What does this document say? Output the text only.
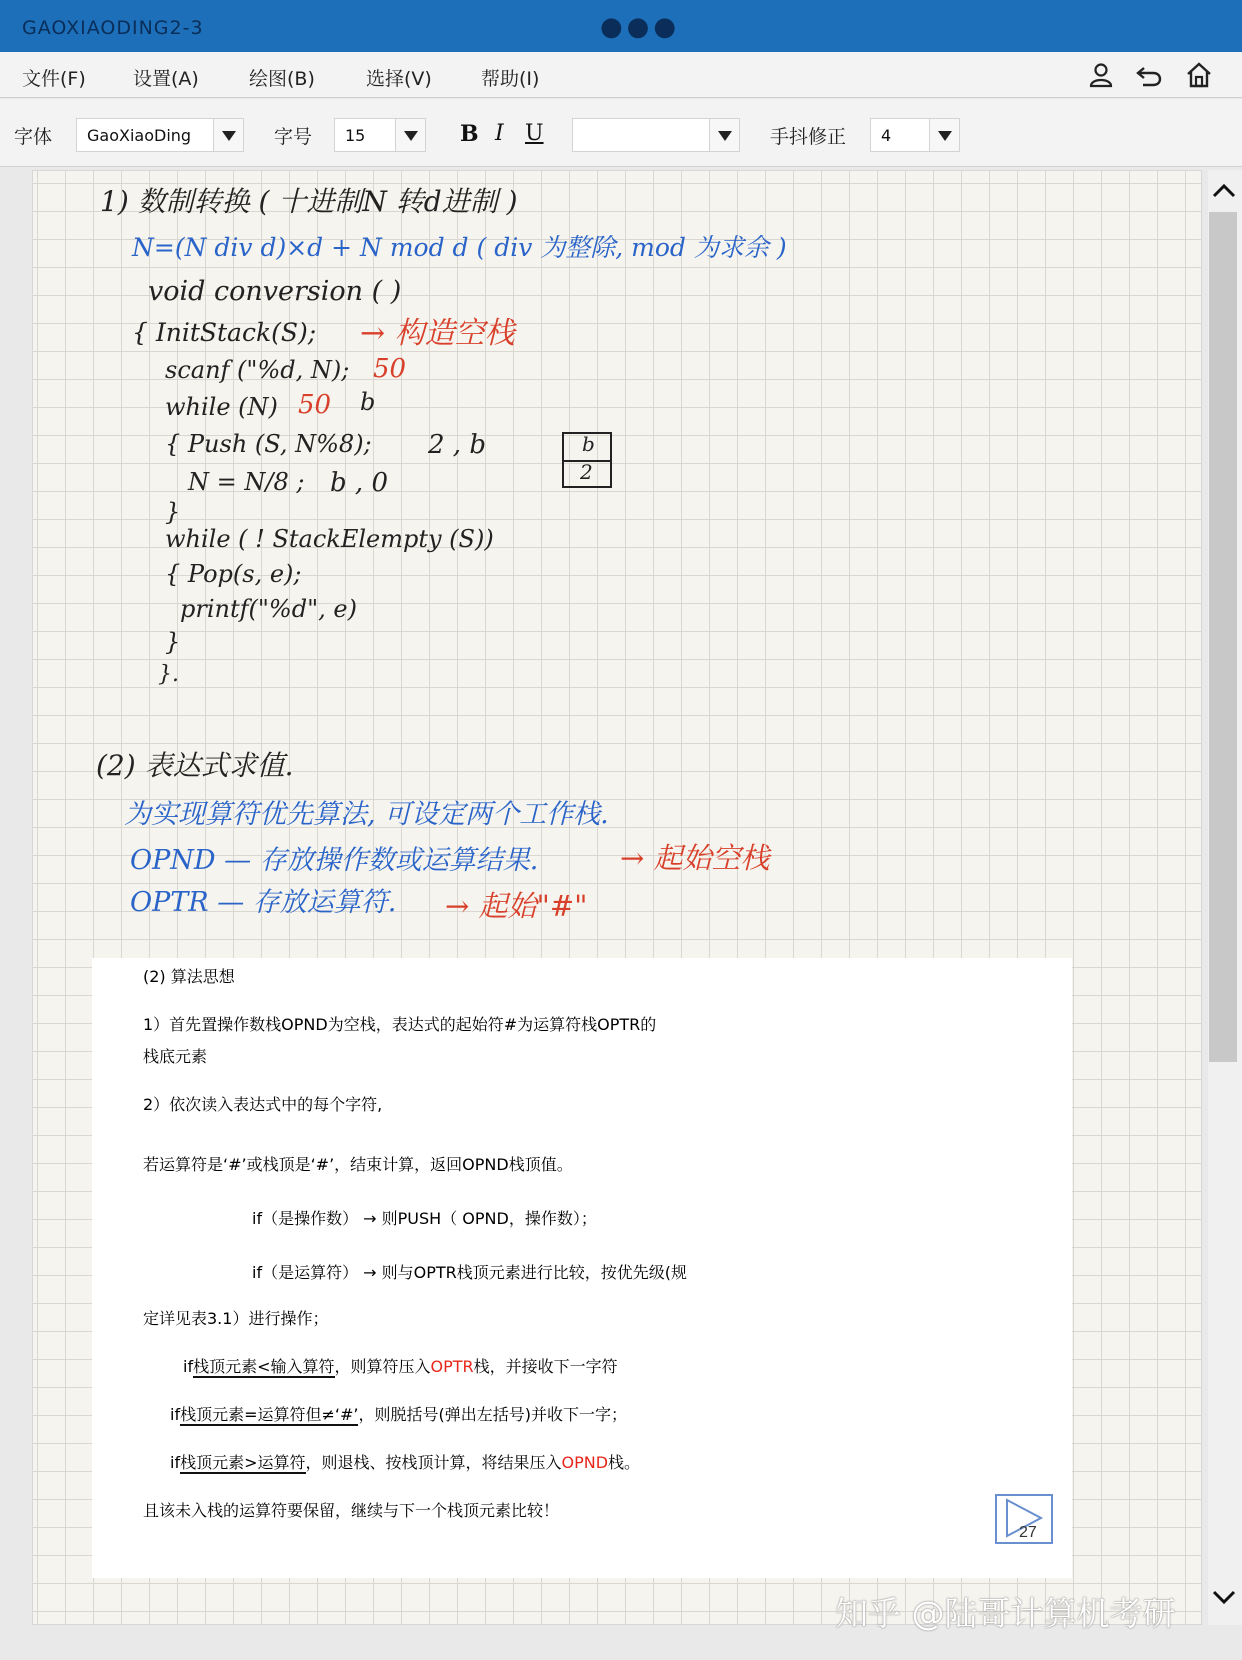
GAOXIAODING2-3	●●●
文件(F) 设置(A)	绘图(B)	选择(V)	帮助(I)
字体 GaoXiaoDing	字号 15	B I U	手抖修正 4
1) 数制转换 ( 十进制N 转d进制 )
N=(N div d)×d + N mod d ( div 为整除, mod 为求余 )
void conversion ( )
{ InitStack(S); → 构造空栈
scanf ("%d, N); 50
while (N) 50 b
{ Push (S, N%8); 2 , b
N = N/8 ; b , 0
}
while ( ! StackElempty (S))
{ Pop(s, e);
printf("%d", e)
}
}.
b
2
(2) 表达式求值.
为实现算符优先算法, 可设定两个工作栈.
OPND — 存放操作数或运算结果.	→ 起始空栈
OPTR — 存放运算符. → 起始"#"
(2) 算法思想
1）首先置操作数栈OPND为空栈，表达式的起始符#为运算符栈OPTR的
栈底元素
2）依次读入表达式中的每个字符,
若运算符是‘#’或栈顶是‘#’，结束计算，返回OPND栈顶值。
if（是操作数） → 则PUSH（ OPND，操作数）；
if（是运算符） → 则与OPTR栈顶元素进行比较，按优先级(规
定详见表3.1）进行操作；
if栈顶元素<输入算符，则算符压入OPTR栈，并接收下一字符
if栈顶元素=运算符但≠‘#’，则脱括号(弹出左括号)并收下一字；
if栈顶元素>运算符，则退栈、按栈顶计算，将结果压入OPND栈。
且该未入栈的运算符要保留，继续与下一个栈顶元素比较！
27
知乎 @陆哥计算机考研
